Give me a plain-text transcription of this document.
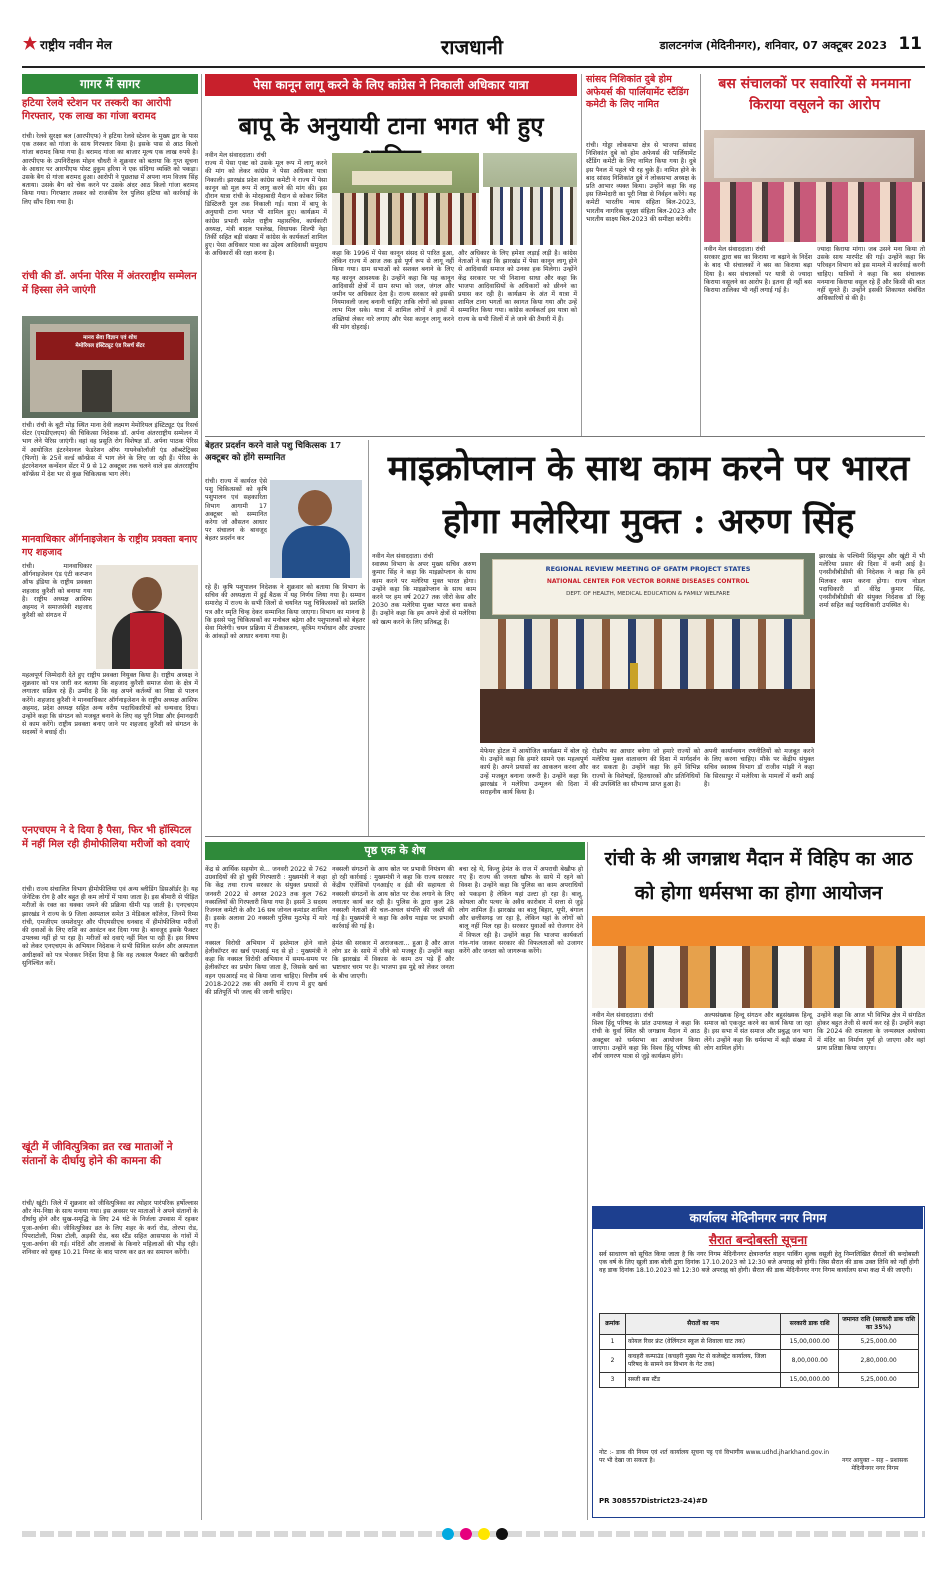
राष्ट्रीय नवीन मेल	राजधानी	डालटनगंज (मेदिनीनगर), शनिवार, 07 अक्टूबर 2023 11
गागर में सागर
हटिया रेलवे स्टेशन पर तस्करी का आरोपी गिरफ्तार, एक लाख का गांजा बरामद
रांची। रेलवे सुरक्षा बल (आरपीएफ) ने हटिया रेलवे स्टेशन के मुख्य द्वार के पास एक तस्कर को गांजा के साथ गिरफ्तार किया है। इसके पास से आठ किलो गांजा बरामद किया गया है। बरामद गांजा का बाजार मूल्य एक लाख रुपये है। आरपीएफ के उपनिरीक्षक मोहन चौधरी ने शुक्रवार को बताया कि गुप्त सूचना के आधार पर आरपीएफ पोस्ट हुकुम हरिया ने एक संदिग्ध व्यक्ति को पकड़ा। उसके बैग से गांजा बरामद हुआ। आरोपी ने पूछताछ में अपना नाम विजय सिंह बताया। उसके बैग को चेक करने पर उसके अंदर आठ किलो गांजा बरामद किया गया। गिरफ्तार तस्कर को राजकीय रेल पुलिस हटिया को कार्रवाई के लिए सौंप दिया गया है।
रांची की डॉ. अर्पना पेरिस में अंतरराष्ट्रीय सम्मेलन में हिस्सा लेने जाएंगी
मानव सेवा विज्ञान एवं शोध
मेमोरियल इंस्टिट्यूट एंड रिसर्च सेंटर
रांची। रांची के बूटी मोड़ स्थित माना देवी लक्ष्मण मेमोरियल इंस्टिट्यूट एंड रिसर्च सेंटर (एमडीएलएम) की चिकित्सा निदेशक डॉ. अर्पना अंतरराष्ट्रीय सम्मेलन में भाग लेने पेरिस जाएंगी। वहां वह प्रसूति रोग विशेषज्ञ डॉ. अर्पना पाठक पेरिस में आयोजित इंटरनेशनल फेडरेशन ऑफ गायनेकोलॉजी एंड ऑब्स्टेट्रिक्स (फिगो) के 25वें वर्ल्ड कॉन्फ्रेंस में भाग लेने के लिए जा रही हैं। पेरिस के इंटरनेशनल कन्वेंशन सेंटर में 9 से 12 अक्टूबर तक चलने वाले इस अंतरराष्ट्रीय कॉन्फ्रेंस में देश भर से कुछ चिकित्सक भाग लेंगे।
मानवाधिकार ऑर्गनाइजेशन के राष्ट्रीय प्रवक्ता बनाए गए शहजाद
रांची। मानवाधिकार ऑर्गनाइजेशन एंड एंटी करप्शन ऑफ इंडिया के राष्ट्रीय प्रवक्ता शहजाद कुरैशी को बनाया गया है। राष्ट्रीय अध्यक्ष आसिफ अहमद ने समाजसेवी शहजाद कुरैशी को संगठन में
महत्वपूर्ण जिम्मेदारी देते हुए राष्ट्रीय प्रवक्ता नियुक्त किया है। राष्ट्रीय अध्यक्ष ने शुक्रवार को पत्र जारी कर बताया कि शहजाद कुरैशी समाज सेवा के क्षेत्र में लगातार सक्रिय रहे हैं। उम्मीद है कि वह अपने कर्तव्यों का निष्ठा से पालन करेंगे। शहजाद कुरैशी ने मानवाधिकार ऑर्गनाइजेशन के राष्ट्रीय अध्यक्ष आसिफ अहमद, प्रदेश अध्यक्ष सहित अन्य वरीय पदाधिकारियों को धन्यवाद दिया। उन्होंने कहा कि संगठन को मजबूत बनाने के लिए वह पूरी निष्ठा और ईमानदारी से काम करेंगे। राष्ट्रीय प्रवक्ता बनाए जाने पर शहजाद कुरैशी को संगठन के सदस्यों ने बधाई दी।
एनएचएम ने दे दिया है पैसा, फिर भी हॉस्पिटल में नहीं मिल रही हीमोफीलिया मरीजों को दवाएं
रांची। राज्य संचालित विभाग हीमोफीलिया एवं अन्य ब्लीडिंग डिसऑर्डर है। यह जेनेटिक रोग है और बहुत ही कम लोगों में पाया जाता है। इस बीमारी से पीड़ित मरीजों के रक्त का थक्का जमने की प्रक्रिया धीमी पड़ जाती है। एनएचएम झारखंड ने राज्य के 9 जिला अस्पताल समेत 3 मेडिकल कॉलेज, जिनमें रिम्स रांची, एमजीएम जमशेदपुर और पीएमसीएच धनबाद में हीमोफीलिया मरीजों की दवाओं के लिए राशि का आवंटन कर दिया गया है। बावजूद इसके फैक्टर उपलब्ध नहीं हो पा रहा है। मरीजों को दवाएं नहीं मिल पा रही हैं। इस विषय को लेकर एनएचएम के अभियान निदेशक ने सभी सिविल सर्जन और अस्पताल अधीक्षकों को पत्र भेजकर निर्देश दिया है कि वह तत्काल फैक्टर की खरीदारी सुनिश्चित करें।
खूंटी में जीवित्पुत्रिका व्रत रख माताओं ने संतानों के दीर्घायु होने की कामना की
रांची/ खूंटी। जिले में शुक्रवार को जीवित्पुत्रिका का त्योहार पारंपरिक हर्षोल्लास और नेम-निष्ठा के साथ मनाया गया। इस अवसर पर माताओं ने अपने संतानों के दीर्घायु होने और सुख-समृद्धि के लिए 24 घंटे के निर्जला उपवास में रहकर पूजा-अर्चना की। जीवित्पुत्रिका व्रत के लिए शहर के कर्रा रोड, तोरपा रोड, पिपराटोली, मिश्रा टोली, अड़की रोड, बस स्टैंड सहित आसपास के गांवों में पूजा-अर्चना की गई। मंदिरों और तालाबों के किनारे महिलाओं की भीड़ रही। शनिवार को सुबह 10.21 मिनट के बाद पारण कर व्रत का समापन करेंगी।
पेसा कानून लागू करने के लिए कांग्रेस ने निकाली अधिकार यात्रा
बापू के अनुयायी टाना भगत भी हुए
नवीन मेल संवाददाता। रांची
राज्य में पेसा एक्ट को उसके मूल रूप में लागू करने की मांग को लेकर कांग्रेस ने पेसा अधिकार यात्रा निकाली। झारखंड प्रदेश कांग्रेस कमेटी ने राज्य में पेसा कानून को मूल रूप में लागू करने की मांग की। इस दौरान यात्रा रांची के मोरहाबादी मैदान से कोकर स्थित डिस्टिलरी पुल तक निकाली गई। यात्रा में बापू के अनुयायी टाना भगत भी शामिल हुए। कार्यक्रम में कांग्रेस प्रभारी समेत राष्ट्रीय महासचिव, कार्यकारी अध्यक्ष, मंत्री बादल पत्रलेख, विधायक शिल्पी नेहा तिर्की सहित बड़ी संख्या में कांग्रेस के कार्यकर्ता शामिल हुए। पेसा अधिकार यात्रा का उद्देश्य आदिवासी समुदाय के अधिकारों की रक्षा करना है।	कहा कि 1996 में पेसा कानून संसद से पारित हुआ, लेकिन राज्य में आज तक इसे पूर्ण रूप से लागू नहीं किया गया। ग्राम सभाओं को सशक्त बनाने के लिए यह कानून आवश्यक है। उन्होंने कहा कि यह कानून आदिवासी क्षेत्रों में ग्राम सभा को जल, जंगल और जमीन पर अधिकार देता है। राज्य सरकार को इसकी नियमावली जल्द बनानी चाहिए ताकि लोगों को इसका लाभ मिल सके। यात्रा में शामिल लोगों ने हाथों में तख्तियां लेकर नारे लगाए और पेसा कानून लागू करने की मांग दोहराई।
और अधिकार के लिए हमेशा लड़ाई लड़ी है। कांग्रेस नेताओं ने कहा कि झारखंड में पेसा कानून लागू होने से आदिवासी समाज को उनका हक मिलेगा। उन्होंने केंद्र सरकार पर भी निशाना साधा और कहा कि भाजपा आदिवासियों के अधिकारों को छीनने का प्रयास कर रही है। कार्यक्रम के अंत में यात्रा में शामिल टाना भगतों का स्वागत किया गया और उन्हें सम्मानित किया गया। कांग्रेस कार्यकर्ता इस यात्रा को राज्य के सभी जिलों में ले जाने की तैयारी में हैं।
बेहतर प्रदर्शन करने वाले पशु चिकित्सक 17 अक्टूबर को होंगे सम्मानित
रांची। राज्य में कार्यरत ऐसे पशु चिकित्सकों को कृषि पशुपालन एवं सहकारिता विभाग आगामी 17 अक्टूबर को सम्मानित करेगा जो औसतन आधार पर संचालन के बावजूद बेहतर प्रदर्शन कर
रहे हैं। कृषि पशुपालन निदेशक ने शुक्रवार को बताया कि विभाग के सचिव की अध्यक्षता में हुई बैठक में यह निर्णय लिया गया है। सम्मान समारोह में राज्य के सभी जिलों से चयनित पशु चिकित्सकों को प्रशस्ति पत्र और स्मृति चिन्ह देकर सम्मानित किया जाएगा। विभाग का मानना है कि इससे पशु चिकित्सकों का मनोबल बढ़ेगा और पशुपालकों को बेहतर सेवा मिलेगी। चयन प्रक्रिया में टीकाकरण, कृत्रिम गर्भाधान और उपचार के आंकड़ों को आधार बनाया गया है।
सांसद निशिकांत दुबे होम अफेयर्स की पार्लियामेंट स्टैंडिंग कमेटी के लिए नामित
रांची। गोड्डा लोकसभा क्षेत्र से भाजपा सांसद निशिकांत दुबे को होम अफेयर्स की पार्लियामेंट स्टैंडिंग कमेटी के लिए नामित किया गया है। दुबे इस पैनल में पहले भी रह चुके हैं। नामित होने के बाद सांसद निशिकांत दुबे ने लोकसभा अध्यक्ष के प्रति आभार व्यक्त किया। उन्होंने कहा कि वह इस जिम्मेदारी का पूरी निष्ठा से निर्वहन करेंगे। यह कमेटी भारतीय न्याय संहिता बिल-2023, भारतीय नागरिक सुरक्षा संहिता बिल-2023 और भारतीय साक्ष्य बिल-2023 की समीक्षा करेगी।
बस संचालकों पर सवारियों से मनमाना किराया वसूलने का आरोप
नवीन मेल संवाददाता। रांची
सरकार द्वारा बस का किराया ना बढ़ाने के निर्देश के बाद भी संचालकों ने बस का किराया बढ़ा दिया है। बस संचालकों पर यात्री से ज्यादा किराया वसूलने का आरोप है। इतना ही नहीं बस किराया तालिका भी नहीं लगाई गई है।
ज्यादा किराया मांगा। जब उसने मना किया तो उसके साथ मारपीट की गई। उन्होंने कहा कि परिवहन विभाग को इस मामले में कार्रवाई करनी चाहिए। यात्रियों ने कहा कि बस संचालक मनमाना किराया वसूल रहे हैं और किसी की बात नहीं सुनते हैं। उन्होंने इसकी शिकायत संबंधित अधिकारियों से की है।
माइक्रोप्लान के साथ काम करने पर भारत होगा मलेरिया मुक्त : अरुण सिंह
नवीन मेल संवाददाता। रांची
स्वास्थ्य विभाग के अपर मुख्य सचिव अरुण कुमार सिंह ने कहा कि माइक्रोप्लान के साथ काम करने पर मलेरिया मुक्त भारत होगा। उन्होंने कहा कि माइक्रोप्लान के साथ काम करने पर हम वर्ष 2027 तक जीरो केस और 2030 तक मलेरिया मुक्त भारत बना सकते हैं। उन्होंने कहा कि हम अपने क्षेत्रों से मलेरिया को खत्म करने के लिए प्रतिबद्ध हैं।
REGIONAL REVIEW MEETING OF GFATM PROJECT STATES
NATIONAL CENTER FOR VECTOR BORNE DISEASES CONTROL
DEPT. OF HEALTH, MEDICAL EDUCATION & FAMILY WELFARE
मेफेयर होटल में आयोजित कार्यक्रम में बोल रहे थे। उन्होंने कहा कि हमारे सामने एक महत्वपूर्ण कार्य है। अपने प्रयासों का आकलन करना और उन्हें मजबूत बनाना जरूरी है। उन्होंने कहा कि झारखंड ने मलेरिया उन्मूलन की दिशा में सराहनीय कार्य किया है।
रोडमैप का आधार बनेगा जो हमारे राज्यों को मलेरिया मुक्त वातावरण की दिशा में मार्गदर्शन कर सकता है। उन्होंने कहा कि हमें विभिन्न राज्यों के विशेषज्ञों, हितधारकों और प्रतिनिधियों की उपस्थिति का सौभाग्य प्राप्त हुआ है।
अपनी कार्यान्वयन रणनीतियों को मजबूत करने के लिए करना चाहिए। मौके पर केंद्रीय संयुक्त सचिव स्वास्थ्य विभाग डॉ राजीव मांझी ने कहा कि सिरसापुर में मलेरिया के मामलों में कमी आई है।
झारखंड के पश्चिमी सिंहभूम और खूंटी में भी मलेरिया प्रसार की दिशा में कमी आई है। एनसीवीबीडीसी की निदेशक ने कहा कि हमें मिलकर काम करना होगा। राज्य नोडल पदाधिकारी डॉ वीरेंद्र कुमार सिंह, एनसीवीबीडीसी की संयुक्त निदेशक डॉ रिंकू शर्मा सहित कई पदाधिकारी उपस्थित थे।
पृष्ठ एक के शेष
केंद्र से आर्थिक सहयोग से... जनवरी 2022 से 762 उग्रवादियों की हो चुकी गिरफ्तारी : मुख्यमंत्री ने कहा कि केंद्र तथा राज्य सरकार के संयुक्त प्रयासों से जनवरी 2022 से अगस्त 2023 तक कुल 762 नक्सलियों की गिरफ्तारी किया गया है। इसमें 3 सदस्य रिजनल कमेटी के और 16 सब जोनल कमांडर शामिल हैं। इसके अलावा 20 नक्सली पुलिस मुठभेड़ में मारे गए हैं।

नक्सल विरोधी अभियान में इस्तेमाल होने वाले हेलीकॉप्टर का खर्च एमआई मद से हो : मुख्यमंत्री ने कहा कि नक्सल विरोधी अभियान में समय-समय पर हेलीकॉप्टर का प्रयोग किया जाता है, जिसके खर्च का वहन एसआरई मद से किया जाना चाहिए। वित्तीय वर्ष 2018-2022 तक की अवधि में राज्य में हुए खर्च की प्रतिपूर्ति भी जल्द की जानी चाहिए।
नक्सली संगठनों के आय स्रोत पर प्रभावी नियंत्रण की हो रही कार्रवाई : मुख्यमंत्री ने कहा कि राज्य सरकार केंद्रीय एजेंसियों एनआईए व ईडी की सहायता से नक्सली संगठनों के आय स्रोत पर रोक लगाने के लिए लगातार कार्य कर रही है। पुलिस के द्वारा कुल 28 नक्सली नेताओं की चल-अचल संपत्ति की जब्ती की गई है। मुख्यमंत्री ने कहा कि अवैध माइंस पर प्रभावी कार्रवाई की गई है।

हेमंत की सरकार में अराजकता... हुआ है और आज लोग डर के साये में जीने को मजबूर हैं। उन्होंने कहा कि झारखंड में विकास के काम ठप पड़े हैं और भ्रष्टाचार चरम पर है। भाजपा इस मुद्दे को लेकर जनता के बीच जाएगी।
बचा रहे थे, किन्तु हेमंत के राज में अपराधी बेखौफ हो गए हैं। राज्य की जनता खौफ के साये में रहने को विवश है। उन्होंने कहा कि पुलिस का काम अपराधियों को पकड़ना है लेकिन यहां उल्टा हो रहा है। बालू, कोयला और पत्थर के अवैध कारोबार में सत्ता से जुड़े लोग शामिल हैं। झारखंड का बालू बिहार, यूपी, बंगाल और छत्तीसगढ़ जा रहा है, लेकिन यहां के लोगों को बालू नहीं मिल रहा है। सरकार युवाओं को रोजगार देने में विफल रही है। उन्होंने कहा कि भाजपा कार्यकर्ता गांव-गांव जाकर सरकार की विफलताओं को उजागर करेंगे और जनता को जागरूक करेंगे।
रांची के श्री जगन्नाथ मैदान में विहिप का आठ को होगा धर्मसभा का होगा आयोजन
नवीन मेल संवाददाता। रांची
विश्व हिंदू परिषद के प्रांत उपाध्यक्ष ने कहा कि रांची के धुर्वा स्थित श्री जगन्नाथ मैदान में आठ अक्टूबर को धर्मसभा का आयोजन किया जाएगा। उन्होंने कहा कि विश्व हिंदू परिषद की शौर्य जागरण यात्रा से जुड़े कार्यक्रम होंगे।
अल्पसंख्यक हिन्दू संगठन और बहुसंख्यक हिन्दू समाज को एकजुट करने का कार्य किया जा रहा है। इस सभा में संत समाज और प्रबुद्ध जन भाग लेंगे। उन्होंने कहा कि धर्मसभा में बड़ी संख्या में लोग शामिल होंगे।
उन्होंने कहा कि आज भी विभिन्न क्षेत्र में संगठित होकर बहुत तेजी से कार्य कर रहे हैं। उन्होंने कहा कि 2024 की रामलला के जन्मस्थल अयोध्या में मंदिर का निर्माण पूर्ण हो जाएगा और वहां प्राण प्रतिष्ठा किया जाएगा।
कार्यालय मेदिनीनगर नगर निगम
सैरात बन्दोबस्ती सूचना
सर्व साधारण को सूचित किया जाता है कि नगर निगम मेदिनीनगर क्षेत्रान्तर्गत वाहन पार्किंग शुल्क वसूली हेतु निम्नलिखित सैरातों की बन्दोबस्ती एक वर्ष के लिए खुली डाक बोली द्वारा दिनांक 17.10.2023 को 12:30 बजे अपराह्न को होगी। जिस सैरात की डाक उक्त तिथि को नहीं होगी वह डाक दिनांक 18.10.2023 को 12:30 बजे अपराह्न को होगी। सैरात की डाक मेदिनीनगर नगर निगम कार्यालय सभा कक्ष में की जाएगी।
क्रमांक	सैरातों का नाम	सरकारी डाक राशि	जमानत राशि (सरकारी डाक राशि का 35%)
1	कोयल रिवर फ्रंट (वेलिंगटन स्कूल से शिवाला घाट तक)	15,00,000.00	5,25,000.00
2	कचहरी कम्पाउंड (कचहरी मुख्य गेट से कलेक्ट्रेट कार्यालय, जिला परिषद के सामने वन विभाग के गेट तक)	8,00,000.00	2,80,000.00
3	सब्जी बस स्टैंड	15,00,000.00	5,25,000.00
नोट :- डाक की नियम एवं शर्त कार्यालय सूचना पट्ट एवं विभागीय www.udhd.jharkhand.gov.in पर भी देखा जा सकता है।	नगर आयुक्त – सह – प्रशासक
मेदिनीनगर नगर निगम
PR 308557District23-24)#D
